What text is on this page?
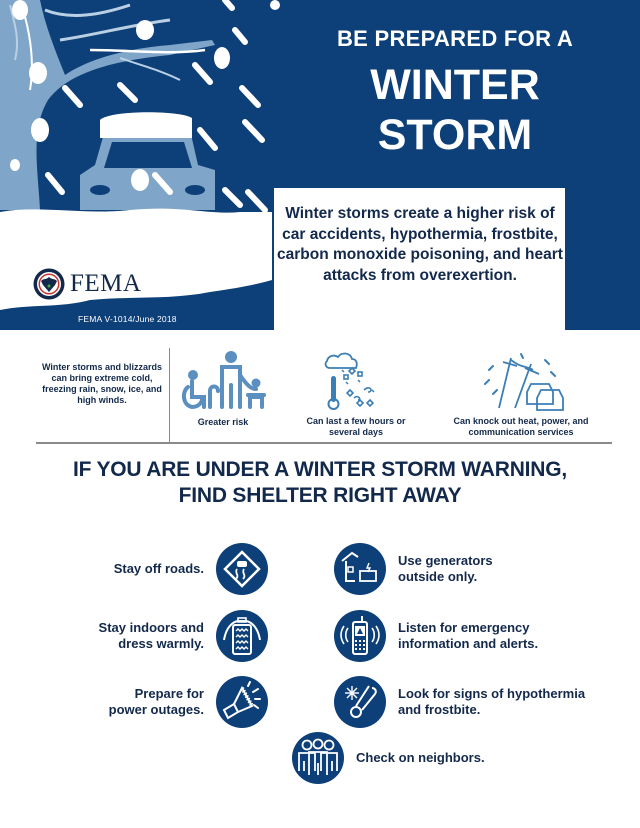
BE PREPARED FOR A
WINTER
STORM
FEMA
FEMA V-1014/June 2018

Winter storms create a higher risk of car accidents, hypothermia, frostbite, carbon monoxide poisoning, and heart attacks from overexertion.

Winter storms and blizzards can bring extreme cold, freezing rain, snow, ice, and high winds.
Greater risk	Can last a few hours or several days
Can knock out heat, power, and communication services
IF YOU ARE UNDER A WINTER STORM WARNING,
FIND SHELTER RIGHT AWAY
Stay off roads.
Use generators outside only.
Stay indoors and dress warmly.
Listen for emergency information and alerts.
Prepare for power outages.
Look for signs of hypothermia and frostbite.
Check on neighbors.
